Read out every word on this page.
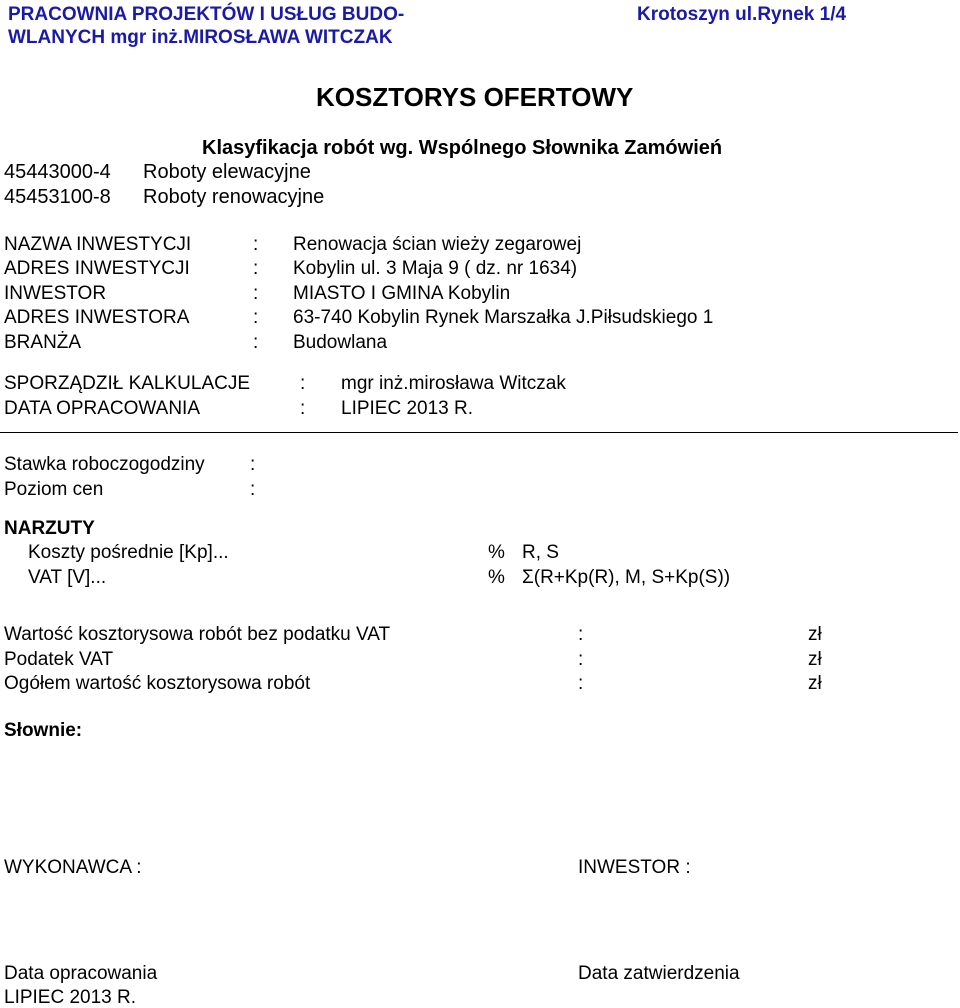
PRACOWNIA PROJEKTÓW I USŁUG BUDO-
WLANYCH mgr inż.MIROSŁAWA WITCZAK
Krotoszyn ul.Rynek 1/4
KOSZTORYS OFERTOWY
Klasyfikacja robót wg. Wspólnego Słownika Zamówień
45443000-4 Roboty elewacyjne
45453100-8 Roboty renowacyjne
NAZWA INWESTYCJI	: Renowacja ścian wieży zegarowej
ADRES INWESTYCJI	: Kobylin ul. 3 Maja 9 ( dz. nr 1634)
INWESTOR	: MIASTO I GMINA Kobylin
ADRES INWESTORA	: 63-740 Kobylin Rynek Marszałka J.Piłsudskiego 1
BRANŻA	: Budowlana
SPORZĄDZIŁ KALKULACJE	: mgr inż.mirosława Witczak
DATA OPRACOWANIA	: LIPIEC 2013 R.
Stawka roboczogodziny :
Poziom cen	:
NARZUTY
Koszty pośrednie [Kp]...	% R, S
VAT [V]...	% Σ(R+Kp(R), M, S+Kp(S))
Wartość kosztorysowa robót bez podatku VAT	:	zł
Podatek VAT	:	zł
Ogółem wartość kosztorysowa robót	:	zł
Słownie:
WYKONAWCA :	INWESTOR :
Data opracowania	Data zatwierdzenia
LIPIEC 2013 R.
